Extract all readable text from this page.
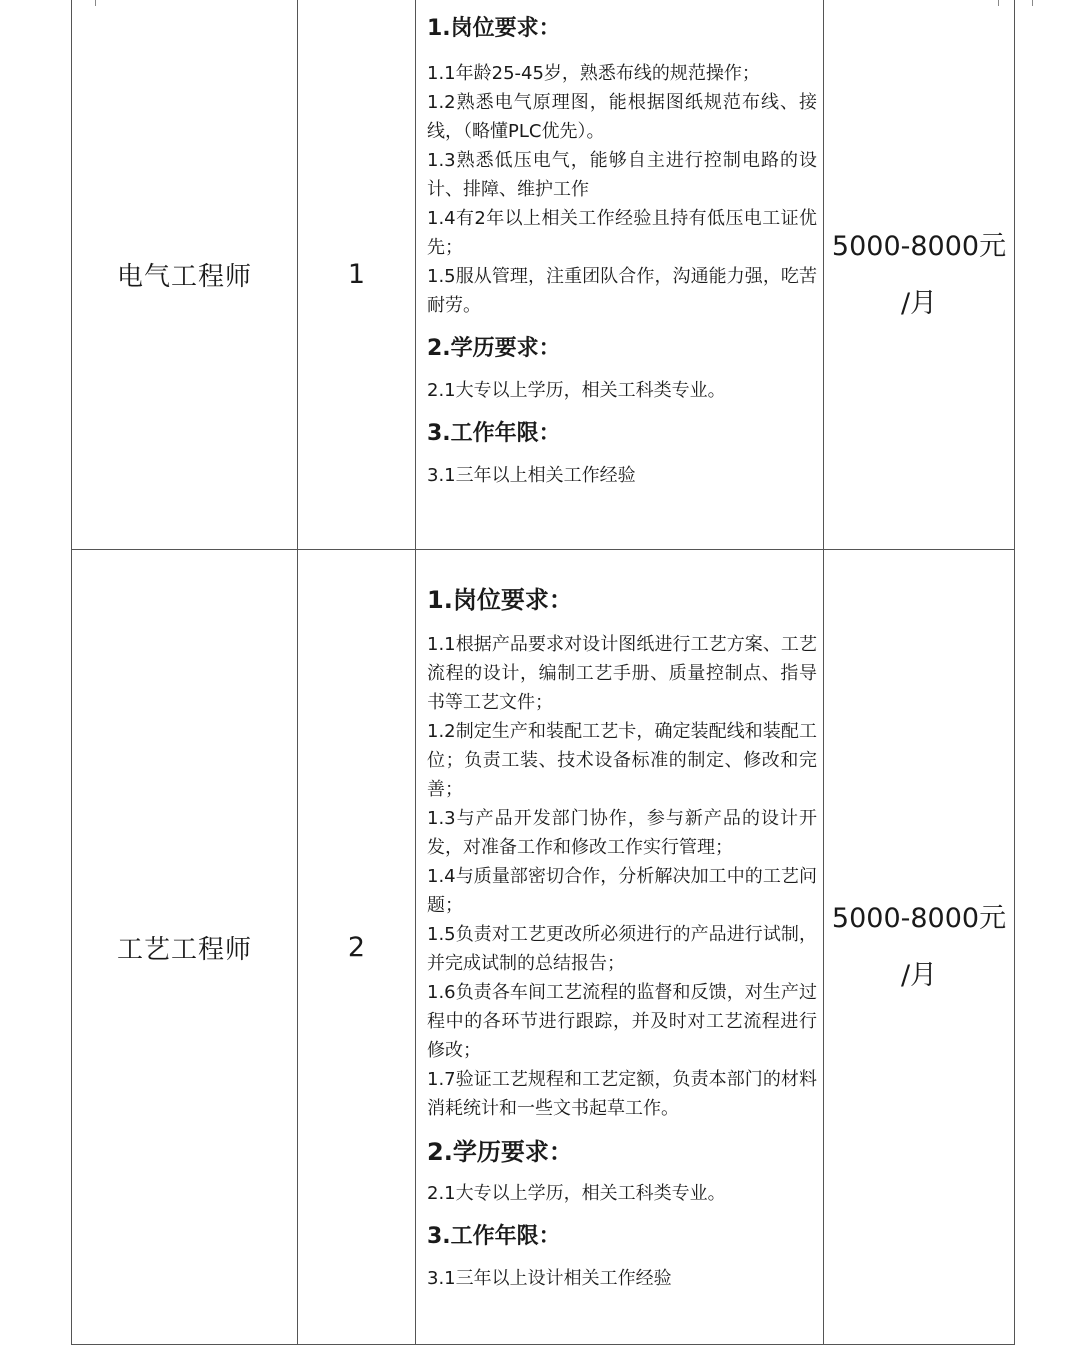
电气工程师	1
5000-8000元
/月
1.岗位要求：
1.1年龄25-45岁，熟悉布线的规范操作；
1.2熟悉电气原理图，能根据图纸规范布线、接线，（略懂PLC优先）。
1.3熟悉低压电气，能够自主进行控制电路的设计、排障、维护工作
1.4有2年以上相关工作经验且持有低压电工证优先；
1.5服从管理，注重团队合作，沟通能力强，吃苦耐劳。
2.学历要求：
2.1大专以上学历，相关工科类专业。
3.工作年限：
3.1三年以上相关工作经验
工艺工程师	2
5000-8000元
/月
1.岗位要求：
1.1根据产品要求对设计图纸进行工艺方案、工艺流程的设计，编制工艺手册、质量控制点、指导书等工艺文件；
1.2制定生产和装配工艺卡，确定装配线和装配工位；负责工装、技术设备标准的制定、修改和完善；
1.3与产品开发部门协作，参与新产品的设计开发，对准备工作和修改工作实行管理；
1.4与质量部密切合作，分析解决加工中的工艺问题；
1.5负责对工艺更改所必须进行的产品进行试制，并完成试制的总结报告；
1.6负责各车间工艺流程的监督和反馈，对生产过程中的各环节进行跟踪，并及时对工艺流程进行修改；
1.7验证工艺规程和工艺定额，负责本部门的材料消耗统计和一些文书起草工作。
2.学历要求：
2.1大专以上学历，相关工科类专业。
3.工作年限：
3.1三年以上设计相关工作经验
